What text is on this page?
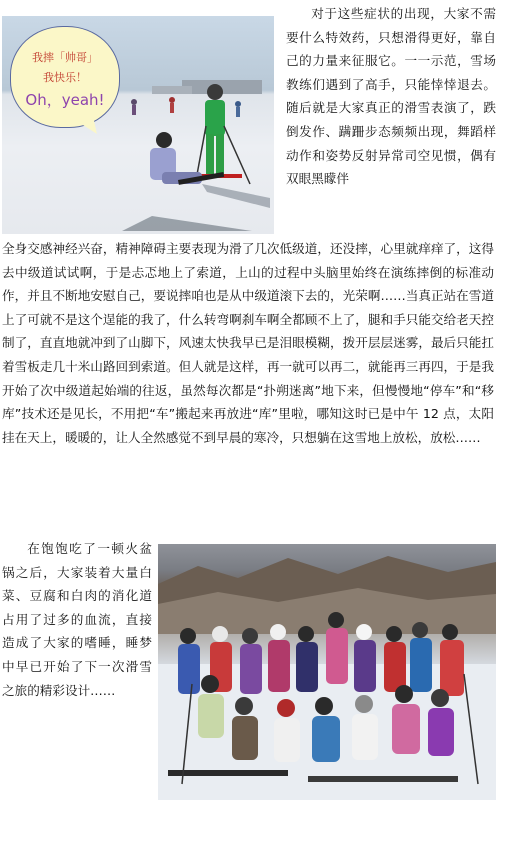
对于这些症状的出现，大家不需要什么特效药，只想滑得更好，靠自己的力量来征服它。一一示范，雪场教练们遇到了高手，只能悻悻退去。随后就是大家真正的滑雪表演了，跌倒发作、蹒跚步态频频出现，舞蹈样动作和姿势反射异常司空见惯，偶有双眼黑矇伴
我摔「帅哥」
我快乐！
Oh，yeah!
全身交感神经兴奋，精神障碍主要表现为滑了几次低级道，还没摔，心里就痒痒了，这得去中级道试试啊，于是忐忑地上了索道，上山的过程中头脑里始终在演练摔倒的标准动作，并且不断地安慰自己，要说摔咱也是从中级道滚下去的，光荣啊……当真正站在雪道上了可就不是这个逞能的我了，什么转弯啊刹车啊全都顾不上了，腿和手只能交给老天控制了，直直地就冲到了山脚下，风速太快我早已是泪眼模糊，拨开层层迷雾，最后只能扛着雪板走几十米山路回到索道。但人就是这样，再一就可以再二，就能再三再四，于是我开始了次中级道起始端的往返，虽然每次都是“扑朔迷离”地下来，但慢慢地“停车”和“移库”技术还是见长，不用把“车”搬起来再放进“库”里啦，哪知这时已是中午 12 点，太阳挂在天上，暖暖的，让人全然感觉不到早晨的寒冷，只想躺在这雪地上放松，放松……
在饱饱吃了一顿火盆锅之后，大家装着大量白菜、豆腐和白肉的消化道占用了过多的血流，直接造成了大家的嗜睡，睡梦中早已开始了下一次滑雪之旅的精彩设计……
